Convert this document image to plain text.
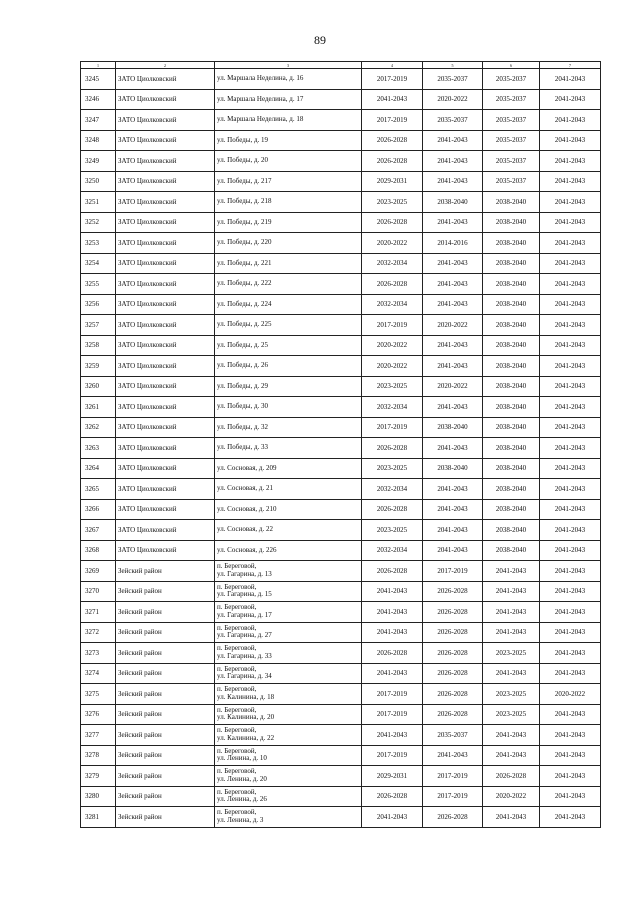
89
1	2	3	4	5	6	7
3245	ЗАТО Циолковский	ул. Маршала Неделина, д. 16	2017-2019	2035-2037	2035-2037	2041-2043
3246	ЗАТО Циолковский	ул. Маршала Неделина, д. 17	2041-2043	2020-2022	2035-2037	2041-2043
3247	ЗАТО Циолковский	ул. Маршала Неделина, д. 18	2017-2019	2035-2037	2035-2037	2041-2043
3248	ЗАТО Циолковский	ул. Победы, д. 19	2026-2028	2041-2043	2035-2037	2041-2043
3249	ЗАТО Циолковский	ул. Победы, д. 20	2026-2028	2041-2043	2035-2037	2041-2043
3250	ЗАТО Циолковский	ул. Победы, д. 217	2029-2031	2041-2043	2035-2037	2041-2043
3251	ЗАТО Циолковский	ул. Победы, д. 218	2023-2025	2038-2040	2038-2040	2041-2043
3252	ЗАТО Циолковский	ул. Победы, д. 219	2026-2028	2041-2043	2038-2040	2041-2043
3253	ЗАТО Циолковский	ул. Победы, д. 220	2020-2022	2014-2016	2038-2040	2041-2043
3254	ЗАТО Циолковский	ул. Победы, д. 221	2032-2034	2041-2043	2038-2040	2041-2043
3255	ЗАТО Циолковский	ул. Победы, д. 222	2026-2028	2041-2043	2038-2040	2041-2043
3256	ЗАТО Циолковский	ул. Победы, д. 224	2032-2034	2041-2043	2038-2040	2041-2043
3257	ЗАТО Циолковский	ул. Победы, д. 225	2017-2019	2020-2022	2038-2040	2041-2043
3258	ЗАТО Циолковский	ул. Победы, д. 25	2020-2022	2041-2043	2038-2040	2041-2043
3259	ЗАТО Циолковский	ул. Победы, д. 26	2020-2022	2041-2043	2038-2040	2041-2043
3260	ЗАТО Циолковский	ул. Победы, д. 29	2023-2025	2020-2022	2038-2040	2041-2043
3261	ЗАТО Циолковский	ул. Победы, д. 30	2032-2034	2041-2043	2038-2040	2041-2043
3262	ЗАТО Циолковский	ул. Победы, д. 32	2017-2019	2038-2040	2038-2040	2041-2043
3263	ЗАТО Циолковский	ул. Победы, д. 33	2026-2028	2041-2043	2038-2040	2041-2043
3264	ЗАТО Циолковский	ул. Сосновая, д. 209	2023-2025	2038-2040	2038-2040	2041-2043
3265	ЗАТО Циолковский	ул. Сосновая, д. 21	2032-2034	2041-2043	2038-2040	2041-2043
3266	ЗАТО Циолковский	ул. Сосновая, д. 210	2026-2028	2041-2043	2038-2040	2041-2043
3267	ЗАТО Циолковский	ул. Сосновая, д. 22	2023-2025	2041-2043	2038-2040	2041-2043
3268	ЗАТО Циолковский	ул. Сосновая, д. 226	2032-2034	2041-2043	2038-2040	2041-2043
3269	Зейский район	п. Береговой,
ул. Гагарина, д. 13	2026-2028	2017-2019	2041-2043	2041-2043
3270	Зейский район	п. Береговой,
ул. Гагарина, д. 15	2041-2043	2026-2028	2041-2043	2041-2043
3271	Зейский район	п. Береговой,
ул. Гагарина, д. 17	2041-2043	2026-2028	2041-2043	2041-2043
3272	Зейский район	п. Береговой,
ул. Гагарина, д. 27	2041-2043	2026-2028	2041-2043	2041-2043
3273	Зейский район	п. Береговой,
ул. Гагарина, д. 33	2026-2028	2026-2028	2023-2025	2041-2043
3274	Зейский район	п. Береговой,
ул. Гагарина, д. 34	2041-2043	2026-2028	2041-2043	2041-2043
3275	Зейский район	п. Береговой,
ул. Калинина, д. 18	2017-2019	2026-2028	2023-2025	2020-2022
3276	Зейский район	п. Береговой,
ул. Калинина, д. 20	2017-2019	2026-2028	2023-2025	2041-2043
3277	Зейский район	п. Береговой,
ул. Калинина, д. 22	2041-2043	2035-2037	2041-2043	2041-2043
3278	Зейский район	п. Береговой,
ул. Ленина, д. 10	2017-2019	2041-2043	2041-2043	2041-2043
3279	Зейский район	п. Береговой,
ул. Ленина, д. 20	2029-2031	2017-2019	2026-2028	2041-2043
3280	Зейский район	п. Береговой,
ул. Ленина, д. 26	2026-2028	2017-2019	2020-2022	2041-2043
3281	Зейский район	п. Береговой,
ул. Ленина, д. 3	2041-2043	2026-2028	2041-2043	2041-2043
